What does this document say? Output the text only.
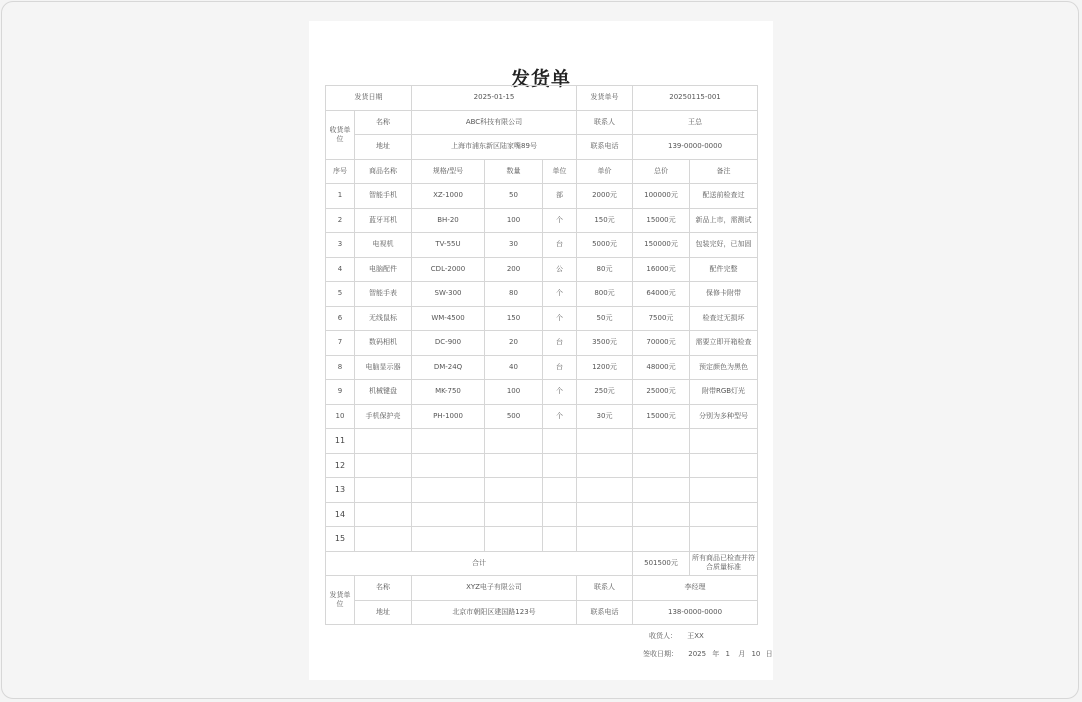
发货单
发货日期		2025-01-15			发货单号	20250115-001	
收货单位	名称	ABC科技有限公司			联系人	王总	
	地址	上海市浦东新区陆家嘴89号			联系电话	139-0000-0000	
序号	商品名称	规格/型号	数量	单位	单价	总价	备注
1	智能手机	XZ-1000	50	部	2000元	100000元	配送前检查过
2	蓝牙耳机	BH-20	100	个	150元	15000元	新品上市，需测试
3	电视机	TV-55U	30	台	5000元	150000元	包装完好，已加固
4	电脑配件	CDL-2000	200	公	80元	16000元	配件完整
5	智能手表	SW-300	80	个	800元	64000元	保修卡附带
6	无线鼠标	WM-4500	150	个	50元	7500元	检查过无损坏
7	数码相机	DC-900	20	台	3500元	70000元	需要立即开箱检查
8	电脑显示器	DM-24Q	40	台	1200元	48000元	预定颜色为黑色
9	机械键盘	MK-750	100	个	250元	25000元	附带RGB灯光
10	手机保护壳	PH-1000	500	个	30元	15000元	分别为多种型号
11							
12							
13							
14							
15							
合计						501500元	所有商品已检查并符合质量标准
发货单位	名称	XYZ电子有限公司			联系人	李经理	
	地址	北京市朝阳区建国路123号			联系电话	138-0000-0000	
收货人： 王XX
签收日期： 2025 年 1 月 10 日
